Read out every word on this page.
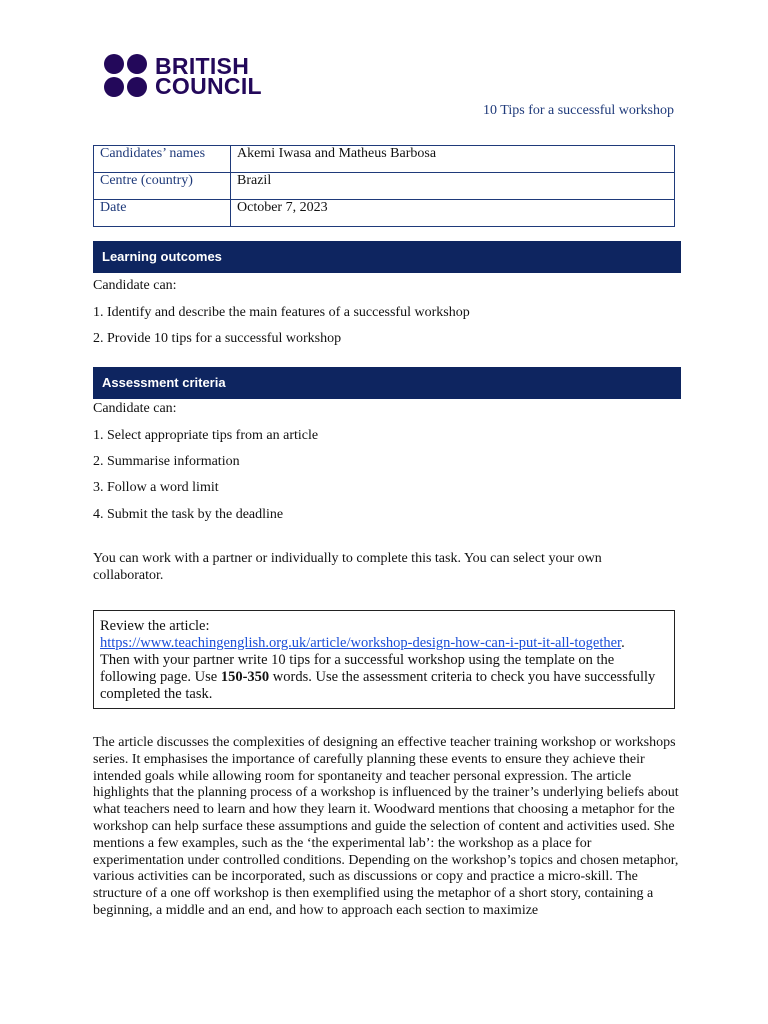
BRITISH
COUNCIL
10 Tips for a successful workshop
Candidates’ names	Akemi Iwasa and Matheus Barbosa
Centre (country)	Brazil
Date	October 7, 2023
Learning outcomes
Candidate can:
1. Identify and describe the main features of a successful workshop
2. Provide 10 tips for a successful workshop
Assessment criteria
Candidate can:
1. Select appropriate tips from an article
2. Summarise information
3. Follow a word limit
4. Submit the task by the deadline
You can work with a partner or individually to complete this task. You can select your own collaborator.
Review the article:
https://www.teachingenglish.org.uk/article/workshop-design-how-can-i-put-it-all-together.
Then with your partner write 10 tips for a successful workshop using the template on the following page. Use 150-350 words. Use the assessment criteria to check you have successfully completed the task.
The article discusses the complexities of designing an effective teacher training workshop or workshops series. It emphasises the importance of carefully planning these events to ensure they achieve their intended goals while allowing room for spontaneity and teacher personal expression. The article highlights that the planning process of a workshop is influenced by the trainer’s underlying beliefs about what teachers need to learn and how they learn it. Woodward mentions that choosing a metaphor for the workshop can help surface these assumptions and guide the selection of content and activities used. She mentions a few examples, such as the ‘the experimental lab’: the workshop as a place for experimentation under controlled conditions. Depending on the workshop’s topics and chosen metaphor, various activities can be incorporated, such as discussions or copy and practice a micro-skill. The structure of a one off workshop is then exemplified using the metaphor of a short story, containing a beginning, a middle and an end, and how to approach each section to maximize
